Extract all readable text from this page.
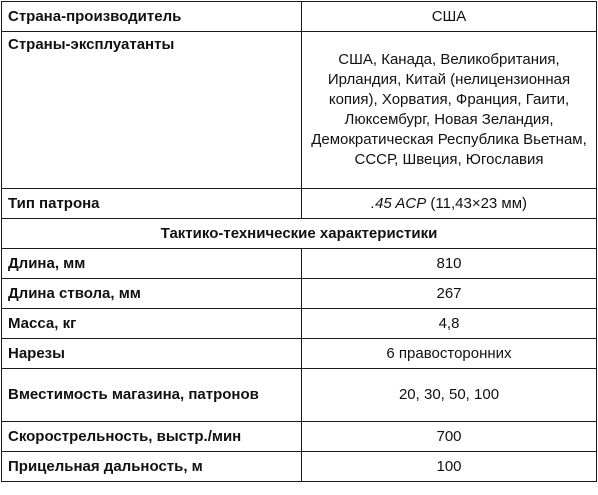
Страна-производитель	США
Страны-эксплуатанты	США, Канада, Великобритания, Ирландия, Китай (нелицензионная копия), Хорватия, Франция, Гаити, Люксембург, Новая Зеландия, Демократическая Республика Вьетнам, СССР, Швеция, Югославия
Тип патрона	.45 ACP (11,43×23 мм)
Тактико-технические характеристики	
Длина, мм	810
Длина ствола, мм	267
Масса, кг	4,8
Нарезы	6 правосторонних
Вместимость магазина, патронов	20, 30, 50, 100
Скорострельность, выстр./мин	700
Прицельная дальность, м	100
